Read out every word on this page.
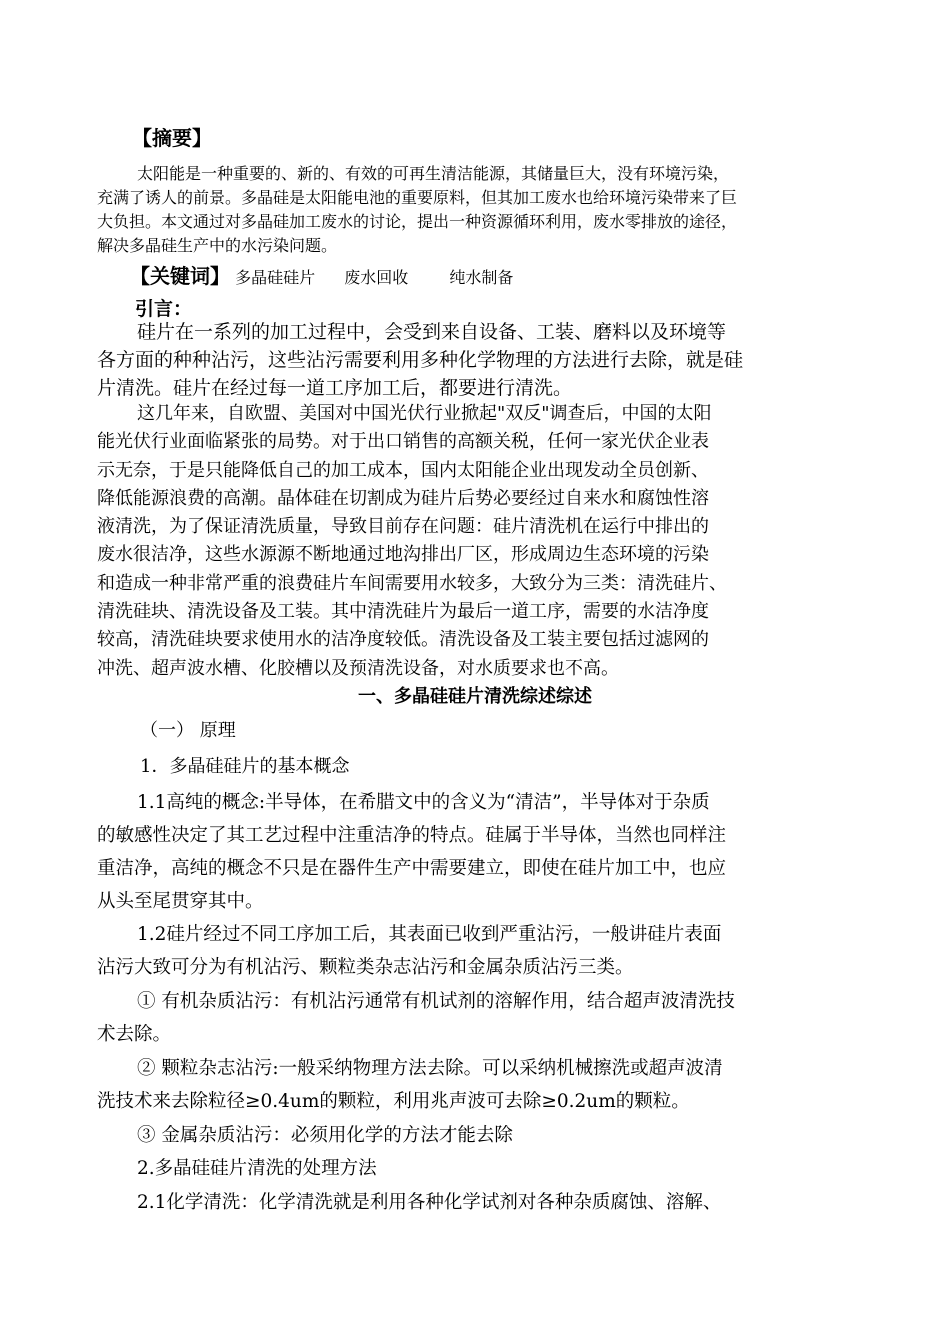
【摘要】
太阳能是一种重要的、新的、有效的可再生清洁能源，其储量巨大，没有环境污染，
充满了诱人的前景。多晶硅是太阳能电池的重要原料，但其加工废水也给环境污染带来了巨
大负担。本文通过对多晶硅加工废水的讨论，提出一种资源循环利用，废水零排放的途径，
解决多晶硅生产中的水污染问题。
【关键词】 多晶硅硅片 废水回收	纯水制备
引言：
硅片在一系列的加工过程中，会受到来自设备、工装、磨料以及环境等
各方面的种种沾污，这些沾污需要利用多种化学物理的方法进行去除，就是硅
片清洗。硅片在经过每一道工序加工后，都要进行清洗。
这几年来，自欧盟、美国对中国光伏行业掀起"双反"调查后，中国的太阳
能光伏行业面临紧张的局势。对于出口销售的高额关税，任何一家光伏企业表
示无奈，于是只能降低自己的加工成本，国内太阳能企业出现发动全员创新、
降低能源浪费的高潮。晶体硅在切割成为硅片后势必要经过自来水和腐蚀性溶
液清洗，为了保证清洗质量，导致目前存在问题：硅片清洗机在运行中排出的
废水很洁净，这些水源源不断地通过地沟排出厂区，形成周边生态环境的污染
和造成一种非常严重的浪费硅片车间需要用水较多，大致分为三类：清洗硅片、
清洗硅块、清洗设备及工装。其中清洗硅片为最后一道工序，需要的水洁净度
较高，清洗硅块要求使用水的洁净度较低。清洗设备及工装主要包括过滤网的
冲洗、超声波水槽、化胶槽以及预清洗设备，对水质要求也不高。
一、多晶硅硅片清洗综述综述
（一） 原理
1．多晶硅硅片的基本概念
1.1高纯的概念:半导体，在希腊文中的含义为“清洁”，半导体对于杂质
的敏感性决定了其工艺过程中注重洁净的特点。硅属于半导体，当然也同样注
重洁净，高纯的概念不只是在器件生产中需要建立，即使在硅片加工中，也应
从头至尾贯穿其中。
1.2硅片经过不同工序加工后，其表面已收到严重沾污，一般讲硅片表面
沾污大致可分为有机沾污、颗粒类杂志沾污和金属杂质沾污三类。
① 有机杂质沾污：有机沾污通常有机试剂的溶解作用，结合超声波清洗技
术去除。
② 颗粒杂志沾污:一般采纳物理方法去除。可以采纳机械擦洗或超声波清
洗技术来去除粒径≥0.4um的颗粒，利用兆声波可去除≥0.2um的颗粒。
③ 金属杂质沾污：必须用化学的方法才能去除
2.多晶硅硅片清洗的处理方法
2.1化学清洗：化学清洗就是利用各种化学试剂对各种杂质腐蚀、溶解、
